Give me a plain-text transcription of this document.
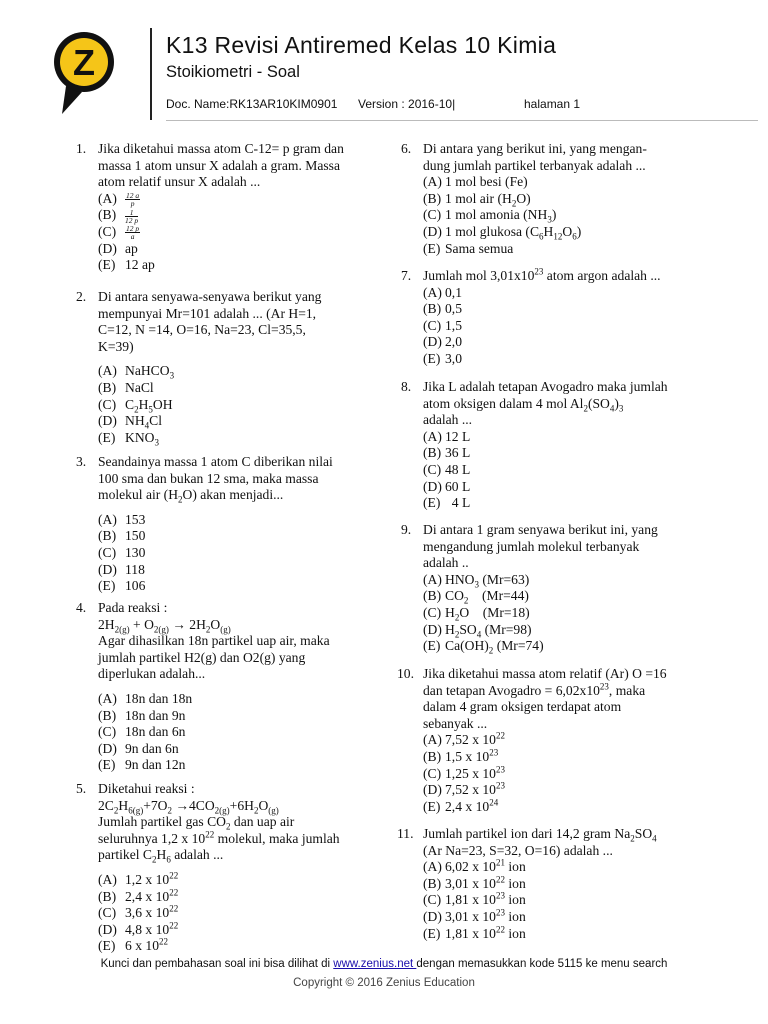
Z	K13 Revisi Antiremed Kelas 10 Kimia
Stoikiometri - Soal
Doc. Name:RK13AR10KIM0901 Version : 2016-10|	halaman 1
1. Jika diketahui massa atom C-12= p gram dan
massa 1 atom unsur X adalah a gram. Massa
atom relatif unsur X adalah ...
$(A) \frac{12 a}{p}$
$(B) \frac{1}{12 p}$
$(C) \frac{12 p}{a}$
(D) ap
(E) 12 ap
2. Di antara senyawa-senyawa berikut yang
mempunyai Mr=101 adalah ... (Ar H=1,
C=12, N =14, O=16, Na=23, Cl=35,5,
K=39)
(A) NaHCO$_3$
(B) NaCl
(C) $C_2H_5OH$
(D) $NH_4Cl$
(E) $KNO_3$
3. Seandainya massa 1 atom C diberikan nilai
100 sma dan bukan 12 sma, maka massa
molekul air $(H_2O)$ akan menjadi...
(A) 153
(B) 150
(C) 130
(D) 118
(E) 106
4. Pada reaksi :
$2H_{2(g)} + O_{2(g)} \to 2H_2O_{(g)}$
Agar dihasilkan 18n partikel uap air, maka
jumlah partikel H2(g) dan O2(g) yang
diperlukan adalah...
(A) 18n dan 18n
(B) 18n dan 9n
(C) 18n dan 6n
(D) 9n dan 6n
(E) 9n dan 12n
5. Diketahui reaksi :
$2C_2H_{6(g)}+7O_2 \to 4CO_{2(g)}+6H_2O_{(g)}$
Jumlah partikel gas $CO_2$ dan uap air
seluruhnya 1,2 x $10^{22}$ molekul, maka jumlah
partikel $C_2H_6$ adalah ...
(A) 1,2 x $10^{22}$
(B) 2,4 x $10^{22}$
(C) 3,6 x $10^{22}$
(D) 4,8 x $10^{22}$
(E) 6 x $10^{22}$
6. Di antara yang berikut ini, yang mengan-
dung jumlah partikel terbanyak adalah ...
(A) 1 mol besi (Fe)
(B) 1 mol air $(H_2O)$
(C) 1 mol amonia $(NH_3)$
(D) 1 mol glukosa $(C_6H_{12}O_6)$
(E) Sama semua
7. Jumlah mol $3,01x10^{23}$ atom argon adalah ...
(A) 0,1
(B) 0,5
(C) 1,5
(D) 2,0
(E) 3,0
8. Jika L adalah tetapan Avogadro maka jumlah
atom oksigen dalam 4 mol $Al_2(SO_4)_3$
adalah ...
(A) 12 L
(B) 36 L
(C) 48 L
(D) 60 L
(E)  4 L
9. Di antara 1 gram senyawa berikut ini, yang
mengandung jumlah molekul terbanyak
adalah ..
(A) $HNO_3$ (Mr=63)
(B) $CO_2$    (Mr=44)
(C) $H_2O$    (Mr=18)
(D) $H_2SO_4$ (Mr=98)
(E) $Ca(OH)_2$ (Mr=74)
10. Jika diketahui massa atom relatif (Ar) O =16
dan tetapan Avogadro = $6,02x10^{23}$, maka
dalam 4 gram oksigen terdapat atom
sebanyak ...
(A) 7,52 x $10^{22}$
(B) 1,5 x $10^{23}$
(C) 1,25 x $10^{23}$
(D) 7,52 x $10^{23}$
(E) 2,4 x $10^{24}$
11. Jumlah partikel ion dari 14,2 gram $Na_2SO_4$
(Ar Na=23, S=32, O=16) adalah ...
(A) 6,02 x $10^{21}$ ion
(B) 3,01 x $10^{22}$ ion
(C) 1,81 x $10^{23}$ ion
(D) 3,01 x $10^{23}$ ion
(E) 1,81 x $10^{22}$ ion
Kunci dan pembahasan soal ini bisa dilihat di www.zenius.net dengan memasukkan kode 5115 ke menu search
Copyright © 2016 Zenius Education
